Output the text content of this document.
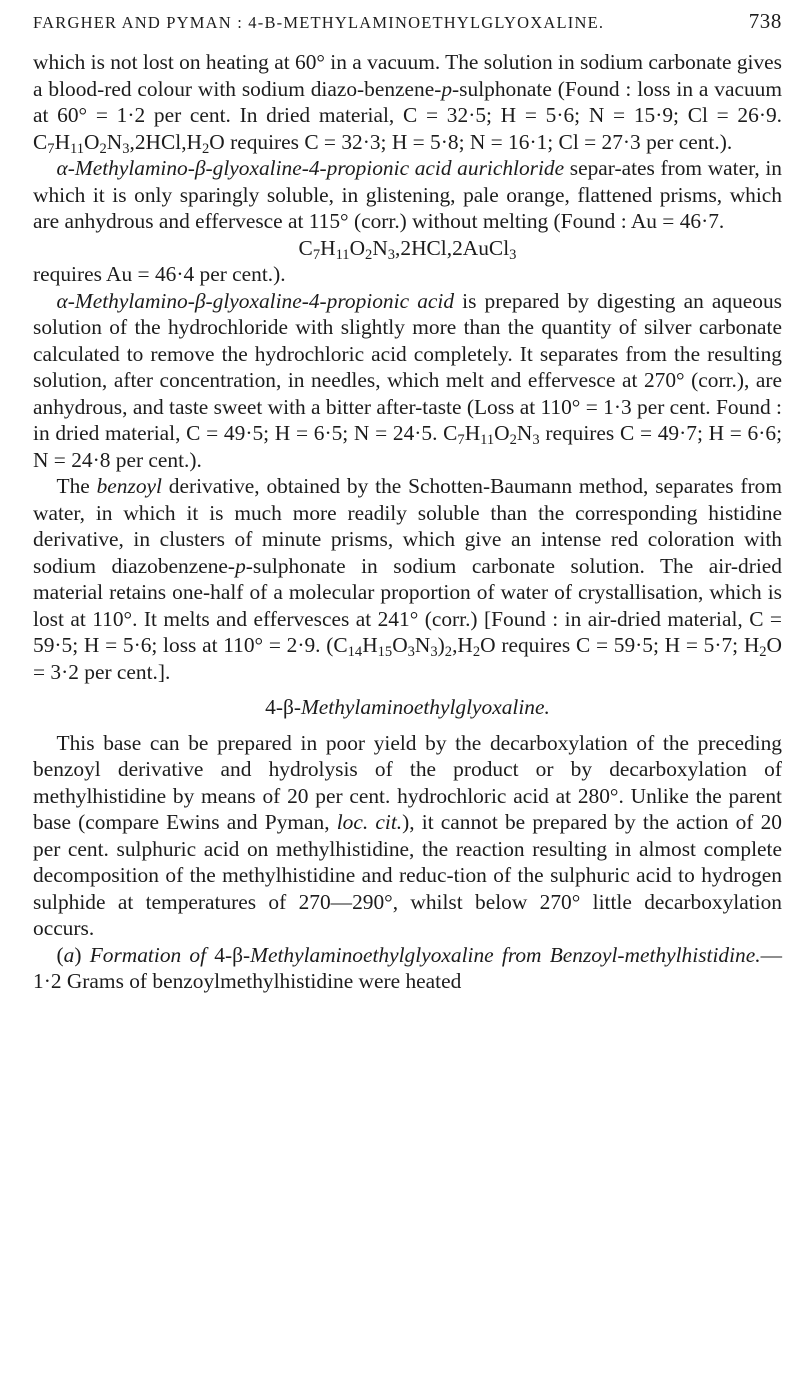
FARGHER AND PYMAN : 4-Β-METHYLAMINOETHYLGLYOXALINE.	738

which is not lost on heating at 60° in a vacuum. The solution in sodium carbonate gives a blood-red colour with sodium diazo-benzene-p-sulphonate (Found : loss in a vacuum at 60° = 1·2 per cent. In dried material, C = 32·5; H = 5·6; N = 15·9; Cl = 26·9. $C_7H_{11}O_2N_3,2HCl,H_2O$ requires C = 32·3; H = 5·8; N = 16·1; Cl = 27·3 per cent.).

α-Methylamino-β-glyoxaline-4-propionic acid aurichloride separ-ates from water, in which it is only sparingly soluble, in glistening, pale orange, flattened prisms, which are anhydrous and effervesce at 115° (corr.) without melting (Found : Au = 46·7.

$C_7H_{11}O_2N_3,2HCl,2AuCl_3$

requires Au = 46·4 per cent.).

α-Methylamino-β-glyoxaline-4-propionic acid is prepared by digesting an aqueous solution of the hydrochloride with slightly more than the quantity of silver carbonate calculated to remove the hydrochloric acid completely. It separates from the resulting solution, after concentration, in needles, which melt and effervesce at 270° (corr.), are anhydrous, and taste sweet with a bitter after-taste (Loss at 110° = 1·3 per cent. Found : in dried material, C = 49·5; H = 6·5; N = 24·5. $C_7H_{11}O_2N_3$ requires C = 49·7; H = 6·6; N = 24·8 per cent.).

The benzoyl derivative, obtained by the Schotten-Baumann method, separates from water, in which it is much more readily soluble than the corresponding histidine derivative, in clusters of minute prisms, which give an intense red coloration with sodium diazobenzene-p-sulphonate in sodium carbonate solution. The air-dried material retains one-half of a molecular proportion of water of crystallisation, which is lost at 110°. It melts and effervesces at 241° (corr.) [Found : in air-dried material, C = 59·5; H = 5·6; loss at 110° = 2·9. $(C_{14}H_{15}O_3N_3)_2,H_2O$ requires C = 59·5; H = 5·7; $H_2O = 3\cdot 2$ per cent.].

4-β-Methylaminoethylglyoxaline.

This base can be prepared in poor yield by the decarboxylation of the preceding benzoyl derivative and hydrolysis of the product or by decarboxylation of methylhistidine by means of 20 per cent. hydrochloric acid at 280°. Unlike the parent base (compare Ewins and Pyman, loc. cit.), it cannot be prepared by the action of 20 per cent. sulphuric acid on methylhistidine, the reaction resulting in almost complete decomposition of the methylhistidine and reduc-tion of the sulphuric acid to hydrogen sulphide at temperatures of 270—290°, whilst below 270° little decarboxylation occurs.

(a) Formation of 4-β-Methylaminoethylglyoxaline from Benzoyl-methylhistidine.—1·2 Grams of benzoylmethylhistidine were heated
